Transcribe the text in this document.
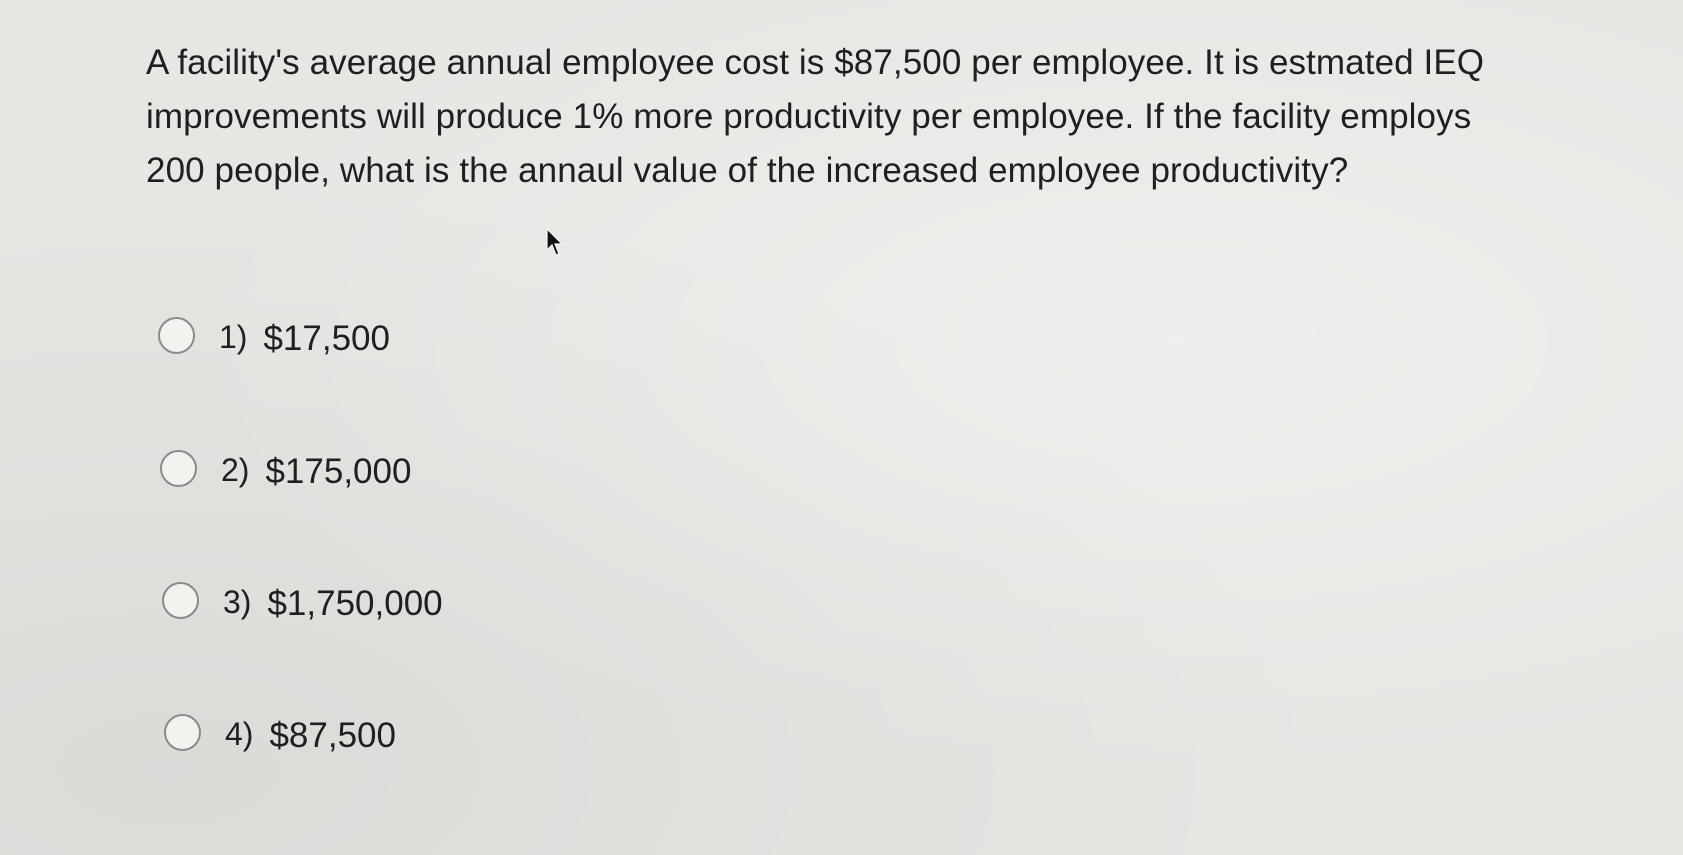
A facility's average annual employee cost is $87,500 per employee. It is estmated IEQ improvements will produce 1% more productivity per employee. If the facility employs 200 people, what is the annaul value of the increased employee productivity?

1) $17,500
2) $175,000
3) $1,750,000
4) $87,500
